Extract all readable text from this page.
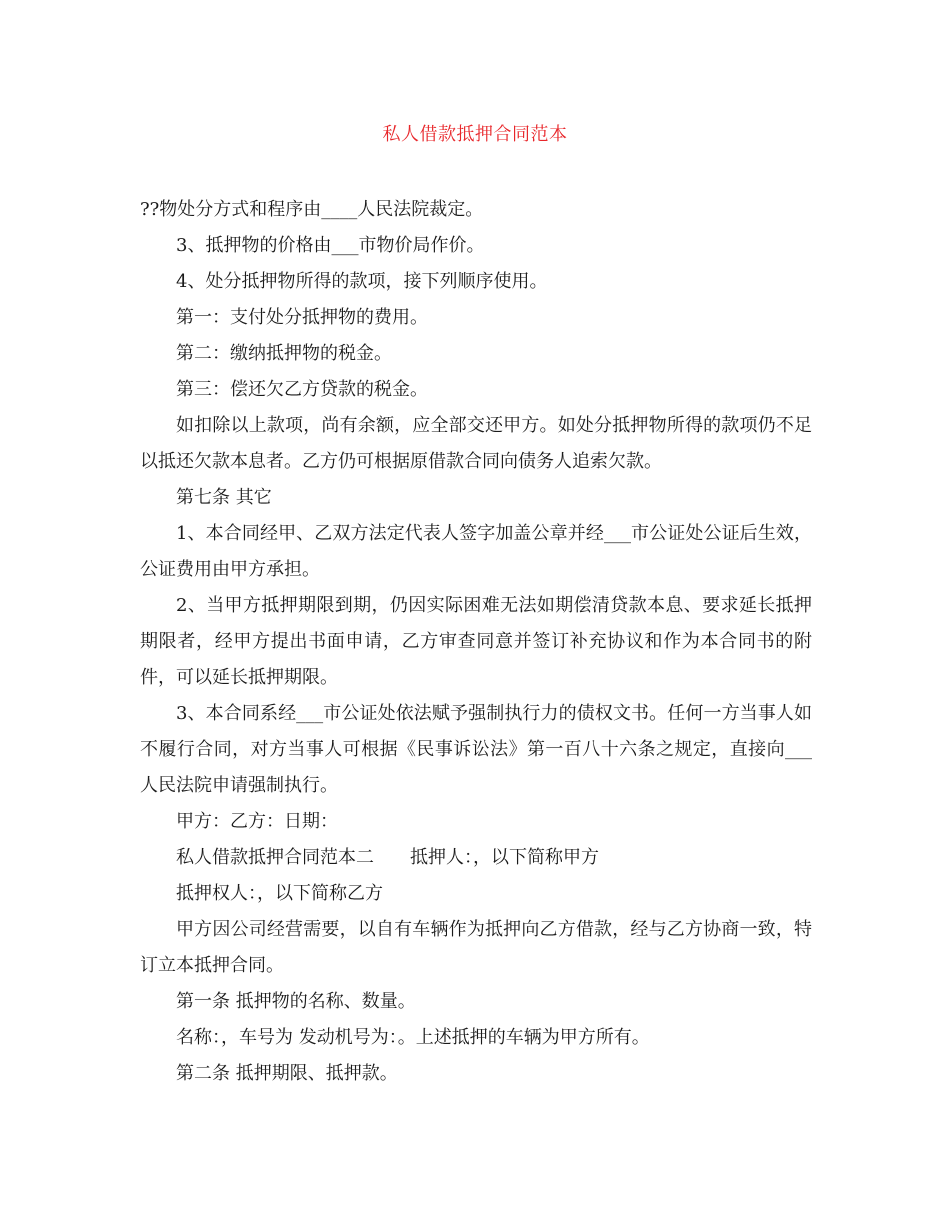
私人借款抵押合同范本

??物处分方式和程序由____人民法院裁定。

3、抵押物的价格由___市物价局作价。

4、处分抵押物所得的款项，接下列顺序使用。

第一：支付处分抵押物的费用。

第二：缴纳抵押物的税金。

第三：偿还欠乙方贷款的税金。

如扣除以上款项，尚有余额，应全部交还甲方。如处分抵押物所得的款项仍不足以抵还欠款本息者。乙方仍可根据原借款合同向债务人追索欠款。

第七条 其它

1、本合同经甲、乙双方法定代表人签字加盖公章并经___市公证处公证后生效，公证费用由甲方承担。

2、当甲方抵押期限到期，仍因实际困难无法如期偿清贷款本息、要求延长抵押期限者，经甲方提出书面申请，乙方审查同意并签订补充协议和作为本合同书的附件，可以延长抵押期限。

3、本合同系经___市公证处依法赋予强制执行力的债权文书。任何一方当事人如不履行合同，对方当事人可根据《民事诉讼法》第一百八十六条之规定，直接向___人民法院申请强制执行。

甲方：乙方：日期：

私人借款抵押合同范本二　　抵押人：，以下简称甲方

抵押权人：，以下简称乙方

甲方因公司经营需要，以自有车辆作为抵押向乙方借款，经与乙方协商一致，特订立本抵押合同。

第一条 抵押物的名称、数量。

名称：，车号为 发动机号为：。上述抵押的车辆为甲方所有。

第二条 抵押期限、抵押款。
